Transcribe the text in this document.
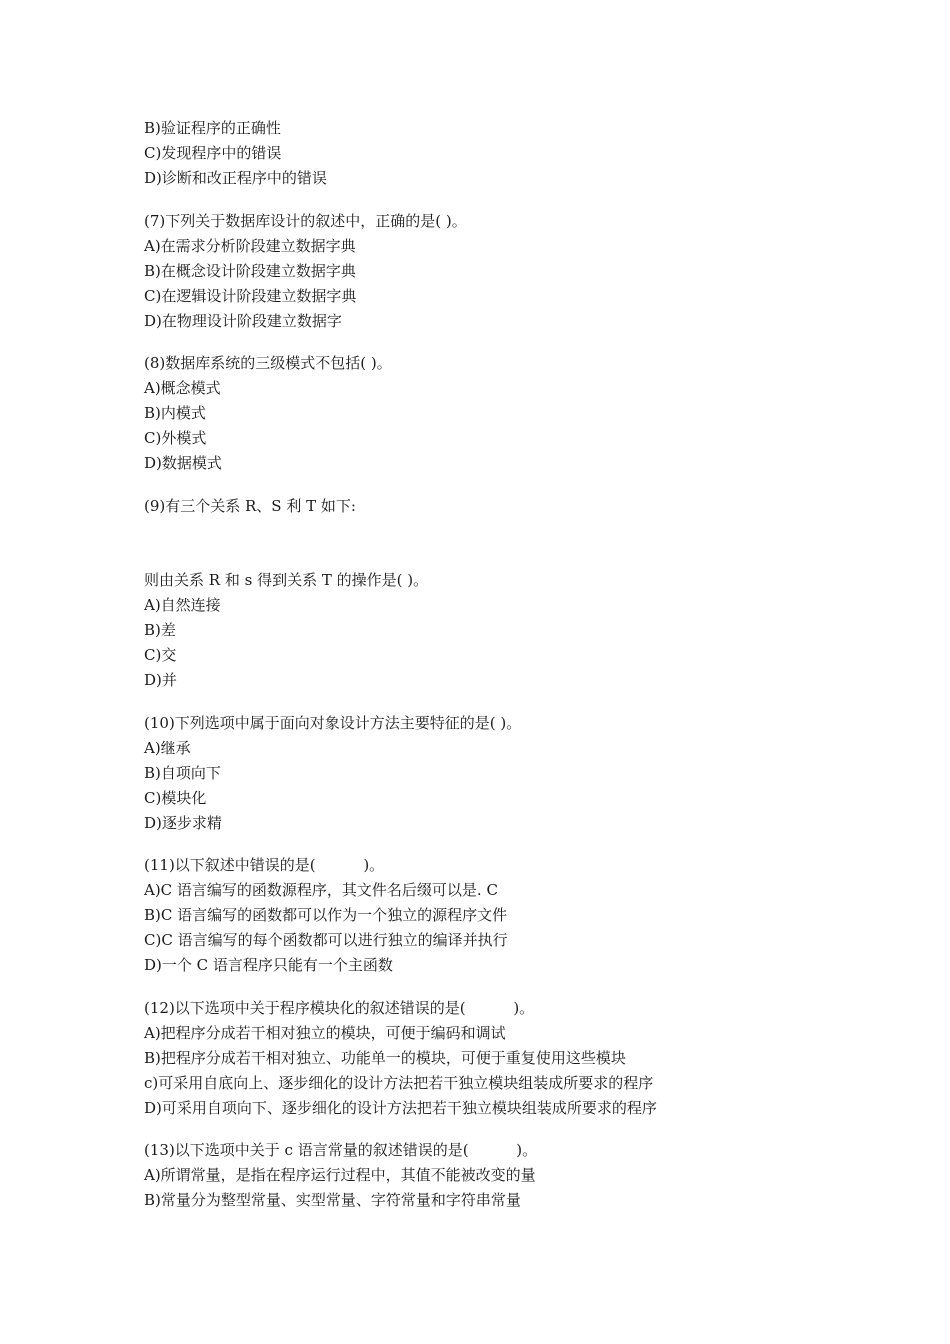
B)验证程序的正确性
C)发现程序中的错误
D)诊断和改正程序中的错误
(7)下列关于数据库设计的叙述中，正确的是( )。
A)在需求分析阶段建立数据字典
B)在概念设计阶段建立数据字典
C)在逻辑设计阶段建立数据字典
D)在物理设计阶段建立数据字
(8)数据库系统的三级模式不包括( )。
A)概念模式
B)内模式
C)外模式
D)数据模式
(9)有三个关系 R、S 利 T 如下:
则由关系 R 和 s 得到关系 T 的操作是( )。
A)自然连接
B)差
C)交
D)并
(10)下列选项中属于面向对象设计方法主要特征的是( )。
A)继承
B)自项向下
C)模块化
D)逐步求精
(11)以下叙述中错误的是(          )。
A)C 语言编写的函数源程序，其文件名后缀可以是. C
B)C 语言编写的函数都可以作为一个独立的源程序文件
C)C 语言编写的每个函数都可以进行独立的编译并执行
D)一个 C 语言程序只能有一个主函数
(12)以下选项中关于程序模块化的叙述错误的是(          )。
A)把程序分成若干相对独立的模块，可便于编码和调试
B)把程序分成若干相对独立、功能单一的模块，可便于重复使用这些模块
c)可采用自底向上、逐步细化的设计方法把若干独立模块组装成所要求的程序
D)可采用自项向下、逐步细化的设计方法把若干独立模块组装成所要求的程序
(13)以下选项中关于 c 语言常量的叙述错误的是(          )。
A)所谓常量，是指在程序运行过程中，其值不能被改变的量
B)常量分为整型常量、实型常量、字符常量和字符串常量
